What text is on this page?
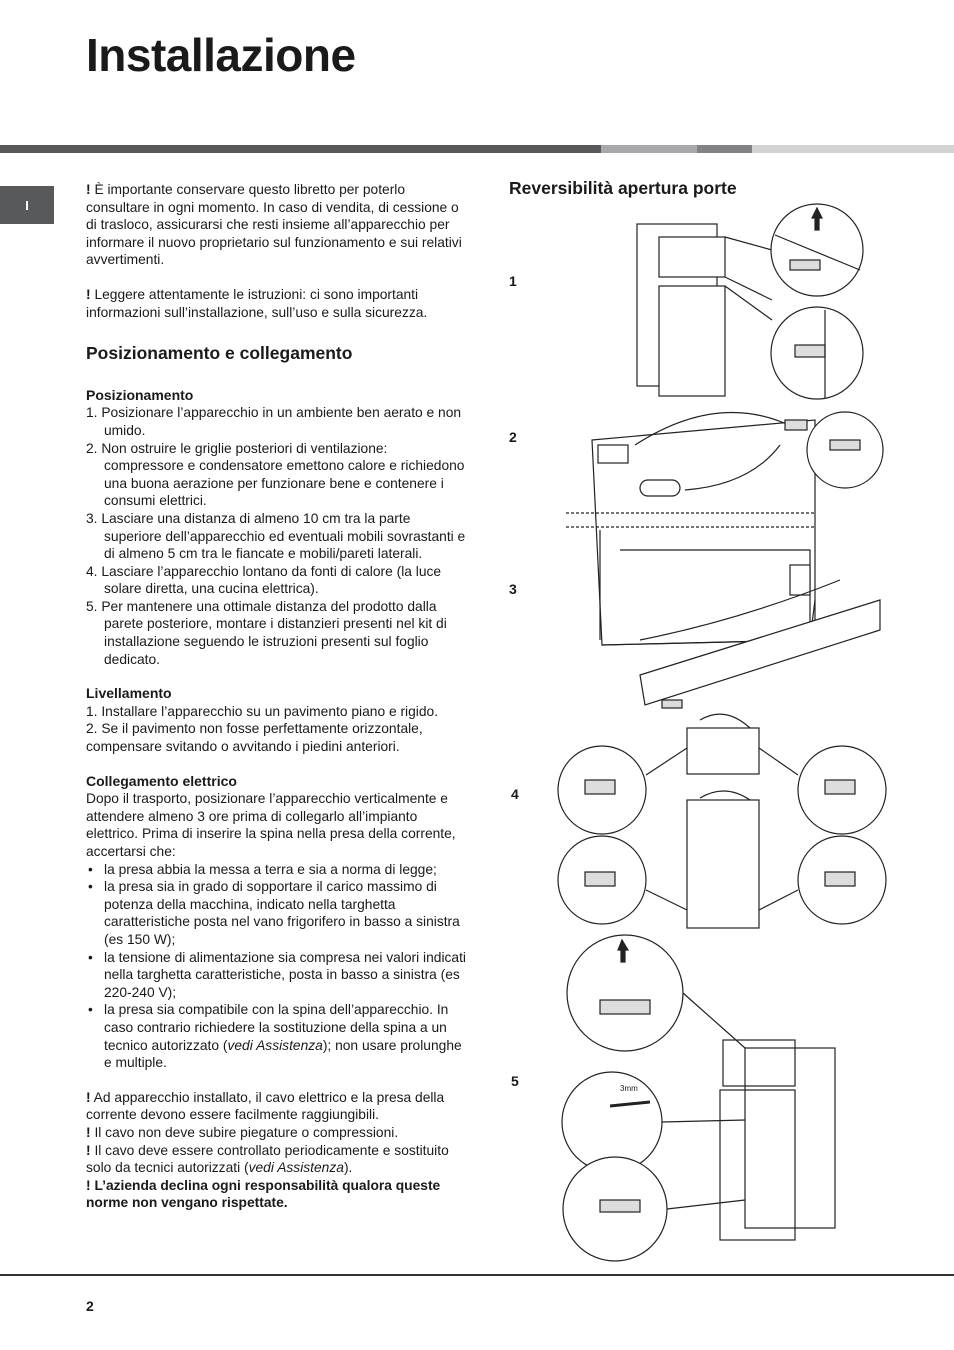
Installazione
I

! È importante conservare questo libretto per poterlo consultare in ogni momento. In caso di vendita, di cessione o di trasloco, assicurarsi che resti insieme all’apparecchio per informare il nuovo proprietario sul funzionamento e sui relativi avvertimenti.

! Leggere attentamente le istruzioni: ci sono importanti informazioni sull’installazione, sull’uso e sulla sicurezza.

Posizionamento e collegamento
Posizionamento
1. Posizionare l’apparecchio in un ambiente ben aerato e non umido.
2. Non ostruire le griglie posteriori di ventilazione: compressore e condensatore emettono calore e richiedono una buona aerazione per funzionare bene e contenere i consumi elettrici.
3. Lasciare una distanza di almeno 10 cm tra la parte superiore dell’apparecchio ed eventuali mobili sovrastanti e di almeno 5 cm tra le fiancate e mobili/pareti laterali.
4. Lasciare l’apparecchio lontano da fonti di calore (la luce solare diretta, una cucina elettrica).
5. Per mantenere una ottimale distanza del prodotto dalla parete posteriore, montare i distanzieri presenti nel kit di installazione seguendo le istruzioni presenti sul foglio dedicato.
Livellamento

1. Installare l’apparecchio su un pavimento piano e rigido.

2. Se il pavimento non fosse perfettamente orizzontale, compensare svitando o avvitando i piedini anteriori.

Collegamento elettrico

Dopo il trasporto, posizionare l’apparecchio verticalmente e attendere almeno 3 ore prima di collegarlo all’impianto elettrico. Prima di inserire la spina nella presa della corrente, accertarsi che:

• la presa abbia la messa a terra e sia a norma di legge;
• la presa sia in grado di sopportare il carico massimo di potenza della macchina, indicato nella targhetta caratteristiche posta nel vano frigorifero in basso a sinistra (es 150 W);
• la tensione di alimentazione sia compresa nei valori indicati nella targhetta caratteristiche, posta in basso a sinistra (es 220-240 V);
• la presa sia compatibile con la spina dell’apparecchio. In caso contrario richiedere la sostituzione della spina a un tecnico autorizzato (vedi Assistenza); non usare prolunghe e multiple.

! Ad apparecchio installato, il cavo elettrico e la presa della corrente devono essere facilmente raggiungibili.

! Il cavo non deve subire piegature o compressioni.

! Il cavo deve essere controllato periodicamente e sostituito solo da tecnici autorizzati (vedi Assistenza).

! L’azienda declina ogni responsabilità qualora queste norme non vengano rispettate.

Reversibilità apertura porte
1
2
3
4
5	3mm
2
